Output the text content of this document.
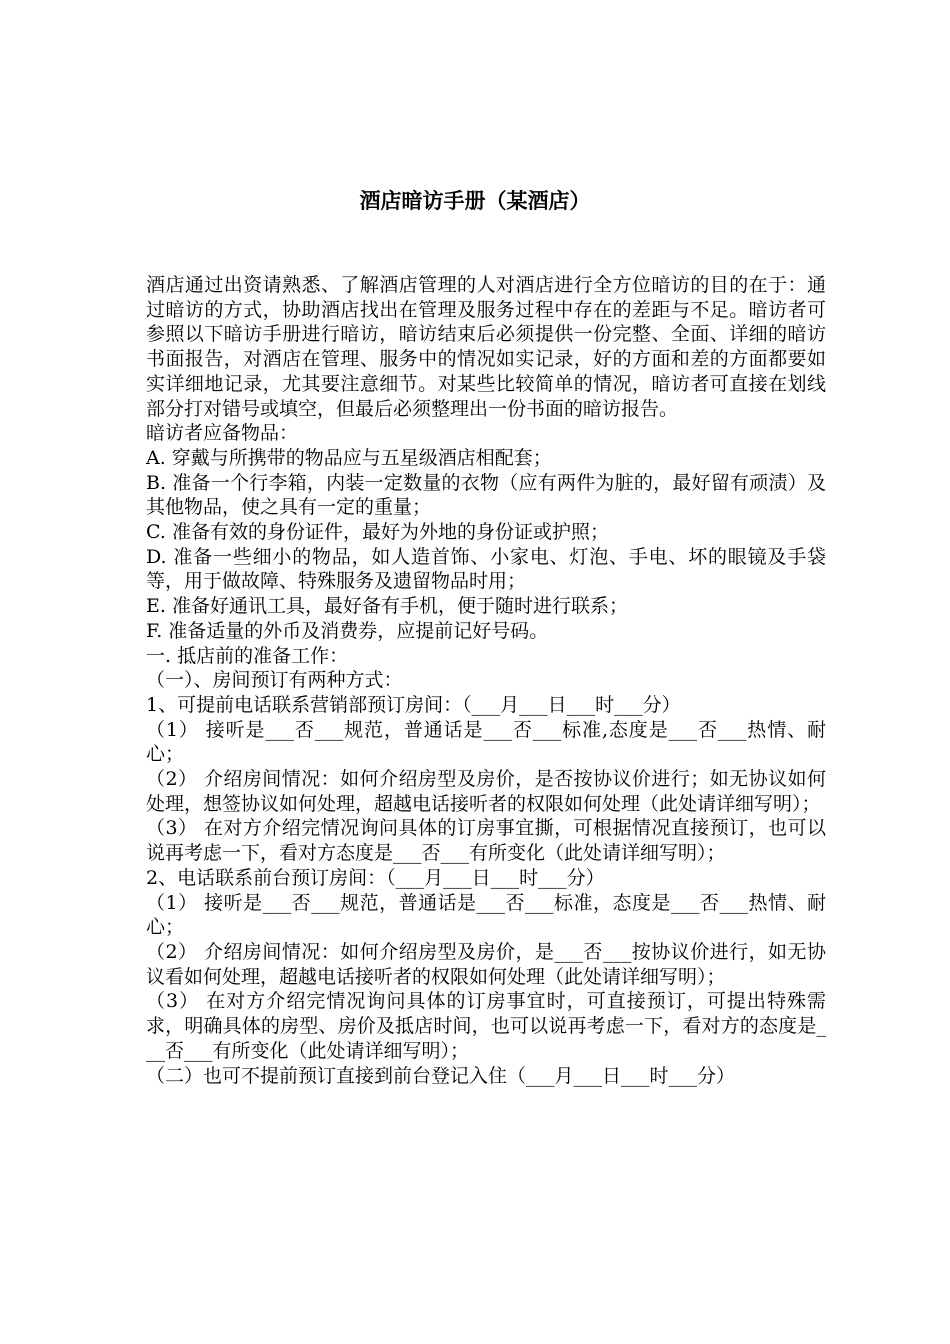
酒店暗访手册（某酒店）

酒店通过出资请熟悉、了解酒店管理的人对酒店进行全方位暗访的目的在于：通过暗访的方式，协助酒店找出在管理及服务过程中存在的差距与不足。暗访者可参照以下暗访手册进行暗访，暗访结束后必须提供一份完整、全面、详细的暗访书面报告，对酒店在管理、服务中的情况如实记录，好的方面和差的方面都要如实详细地记录，尤其要注意细节。对某些比较简单的情况，暗访者可直接在划线部分打对错号或填空，但最后必须整理出一份书面的暗访报告。

暗访者应备物品：

A. 穿戴与所携带的物品应与五星级酒店相配套；

B. 准备一个行李箱，内装一定数量的衣物（应有两件为脏的，最好留有顽渍）及其他物品，使之具有一定的重量；

C. 准备有效的身份证件，最好为外地的身份证或护照；

D. 准备一些细小的物品，如人造首饰、小家电、灯泡、手电、坏的眼镜及手袋等，用于做故障、特殊服务及遗留物品时用；

E. 准备好通讯工具，最好备有手机，便于随时进行联系；

F. 准备适量的外币及消费券，应提前记好号码。

一. 抵店前的准备工作：

（一）、房间预订有两种方式：

1、可提前电话联系营销部预订房间：（___月___日___时___分）

（1） 接听是___否___规范，普通话是___否___标准,态度是___否___热情、耐心；

（2） 介绍房间情况：如何介绍房型及房价，是否按协议价进行；如无协议如何处理，想签协议如何处理，超越电话接听者的权限如何处理（此处请详细写明）；

（3） 在对方介绍完情况询问具体的订房事宜撕，可根据情况直接预订，也可以说再考虑一下，看对方态度是___否___有所变化（此处请详细写明）；

2、电话联系前台预订房间：（___月___日___时___分）

（1） 接听是___否___规范，普通话是___否___标准，态度是___否___热情、耐心；

（2） 介绍房间情况：如何介绍房型及房价，是___否___按协议价进行，如无协议看如何处理，超越电话接听者的权限如何处理（此处请详细写明）；

（3） 在对方介绍完情况询问具体的订房事宜时，可直接预订，可提出特殊需求，明确具体的房型、房价及抵店时间，也可以说再考虑一下，看对方的态度是___否___有所变化（此处请详细写明）；

（二）也可不提前预订直接到前台登记入住（___月___日___时___分）
